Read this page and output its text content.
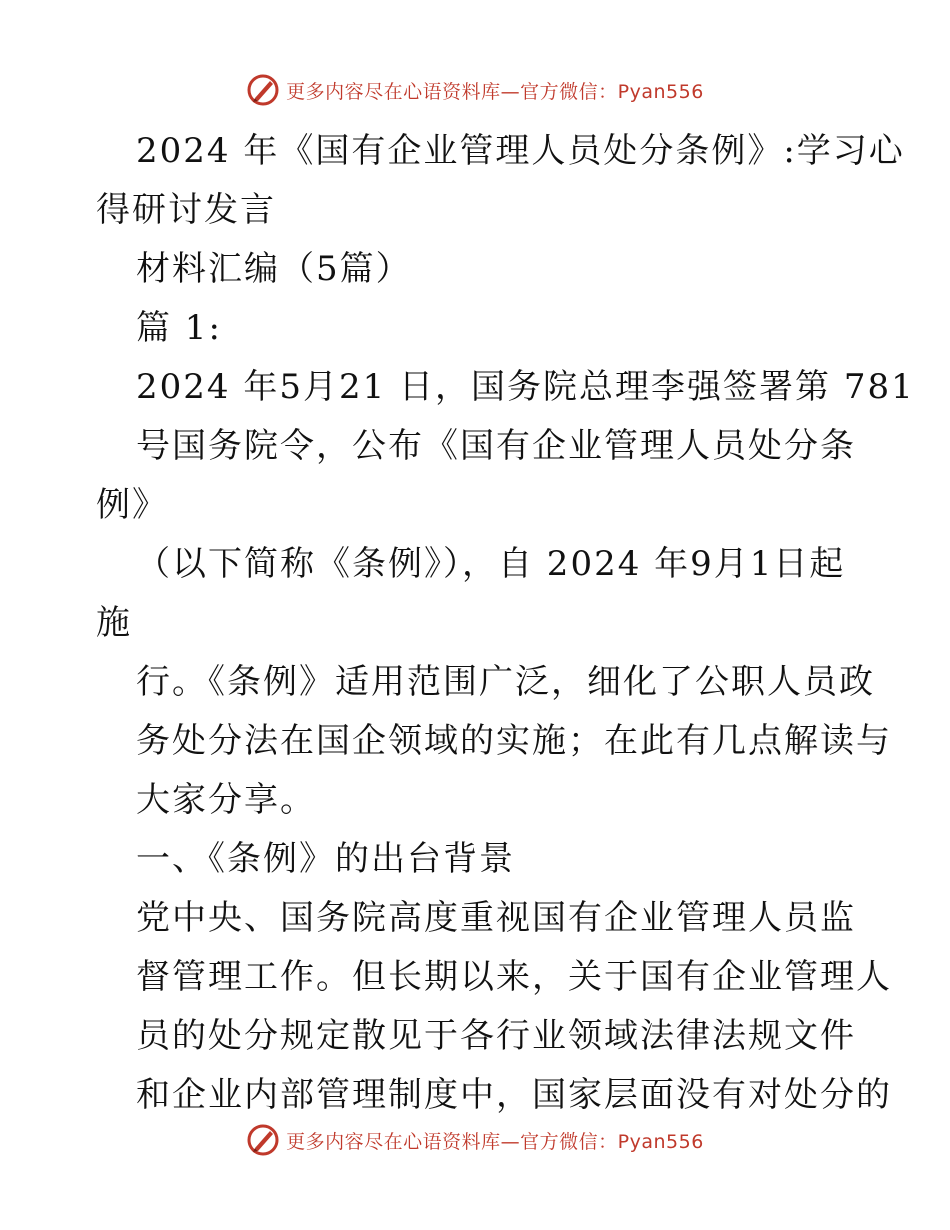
更多内容尽在心语资料库—官方微信：Pyan556
2024 年《国有企业管理人员处分条例》:学习心
得研讨发言
材料汇编（5篇）
篇 1:
2024 年5月21 日，国务院总理李强签署第 781
号国务院令，公布《国有企业管理人员处分条
例》
（以下简称《条例》），自 2024 年9月1日起
施
行。《条例》适用范围广泛，细化了公职人员政
务处分法在国企领域的实施；在此有几点解读与
大家分享。
一、《条例》的出台背景
党中央、国务院高度重视国有企业管理人员监
督管理工作。但长期以来，关于国有企业管理人
员的处分规定散见于各行业领域法律法规文件
和企业内部管理制度中，国家层面没有对处分的
更多内容尽在心语资料库—官方微信：Pyan556
